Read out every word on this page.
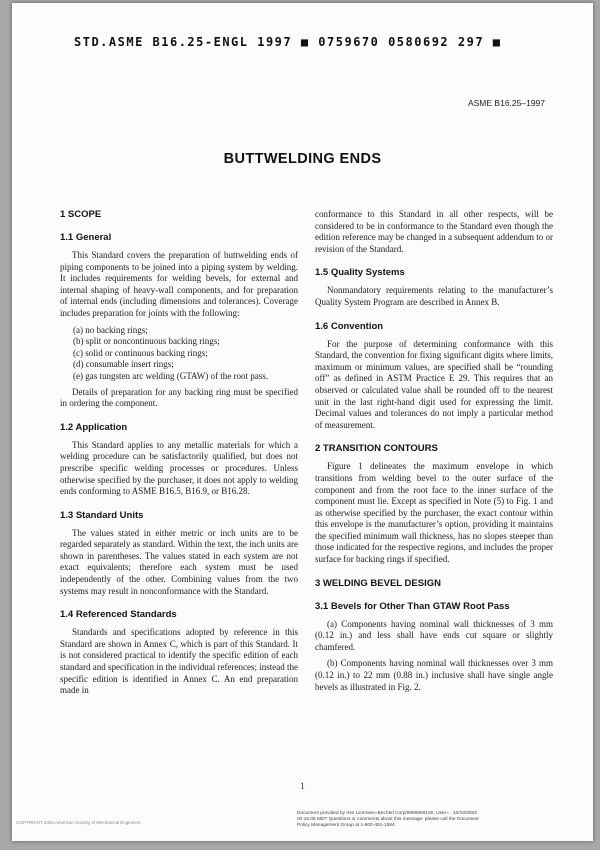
STD.ASME B16.25-ENGL 1997 ■ 0759670 0580692 297 ■
ASME B16.25–1997
BUTTWELDING ENDS
1 SCOPE
1.1 General

This Standard covers the preparation of buttwelding ends of piping components to be joined into a piping system by welding. It includes requirements for welding bevels, for external and internal shaping of heavy-wall components, and for preparation of internal ends (including dimensions and tolerances). Coverage includes preparation for joints with the following:

(a) no backing rings;
(b) split or noncontinuous backing rings;
(c) solid or continuous backing rings;
(d) consumable insert rings;
(e) gas tungsten arc welding (GTAW) of the root pass.

Details of preparation for any backing ring must be specified in ordering the component.

1.2 Application

This Standard applies to any metallic materials for which a welding procedure can be satisfactorily qualified, but does not prescribe specific welding processes or procedures. Unless otherwise specified by the purchaser, it does not apply to welding ends conforming to ASME B16.5, B16.9, or B16.28.

1.3 Standard Units

The values stated in either metric or inch units are to be regarded separately as standard. Within the text, the inch units are shown in parentheses. The values stated in each system are not exact equivalents; therefore each system must be used independently of the other. Combining values from the two systems may result in nonconformance with the Standard.

1.4 Referenced Standards

Standards and specifications adopted by reference in this Standard are shown in Annex C, which is part of this Standard. It is not considered practical to identify the specific edition of each standard and specification in the individual references; instead the specific edition is identified in Annex C. An end preparation made in

conformance to this Standard in all other respects, will be considered to be in conformance to the Standard even though the edition reference may be changed in a subsequent addendum to or revision of the Standard.

1.5 Quality Systems

Nonmandatory requirements relating to the manufacturer’s Quality System Program are described in Annex B.

1.6 Convention

For the purpose of determining conformance with this Standard, the convention for fixing significant digits where limits, maximum or minimum values, are specified shall be “rounding off” as defined in ASTM Practice E 29. This requires that an observed or calculated value shall be rounded off to the nearest unit in the last right-hand digit used for expressing the limit. Decimal values and tolerances do not imply a particular method of measurement.

2 TRANSITION CONTOURS

Figure 1 delineates the maximum envelope in which transitions from welding bevel to the outer surface of the component and from the root face to the inner surface of the component must lie. Except as specified in Note (5) to Fig. 1 and as otherwise specified by the purchaser, the exact contour within this envelope is the manufacturer’s option, providing it maintains the specified minimum wall thickness, has no slopes steeper than those indicated for the respective regions, and includes the proper surface for backing rings if specified.

3 WELDING BEVEL DESIGN
3.1 Bevels for Other Than GTAW Root Pass

(a) Components having nominal wall thicknesses of 3 mm (0.12 in.) and less shall have ends cut square or slightly chamfered.

(b) Components having nominal wall thicknesses over 3 mm (0.12 in.) to 22 mm (0.88 in.) inclusive shall have single angle bevels as illustrated in Fig. 2.

1
COPYRIGHT 2002 American Society of Mechanical Engineers
Document provided by IHS Licensee=Bechtel Corp/9999056100, User= , 10/16/2002
00:15:05 MDT Questions or comments about this message: please call the Document
Policy Management Group at 1-800-451-1584.
